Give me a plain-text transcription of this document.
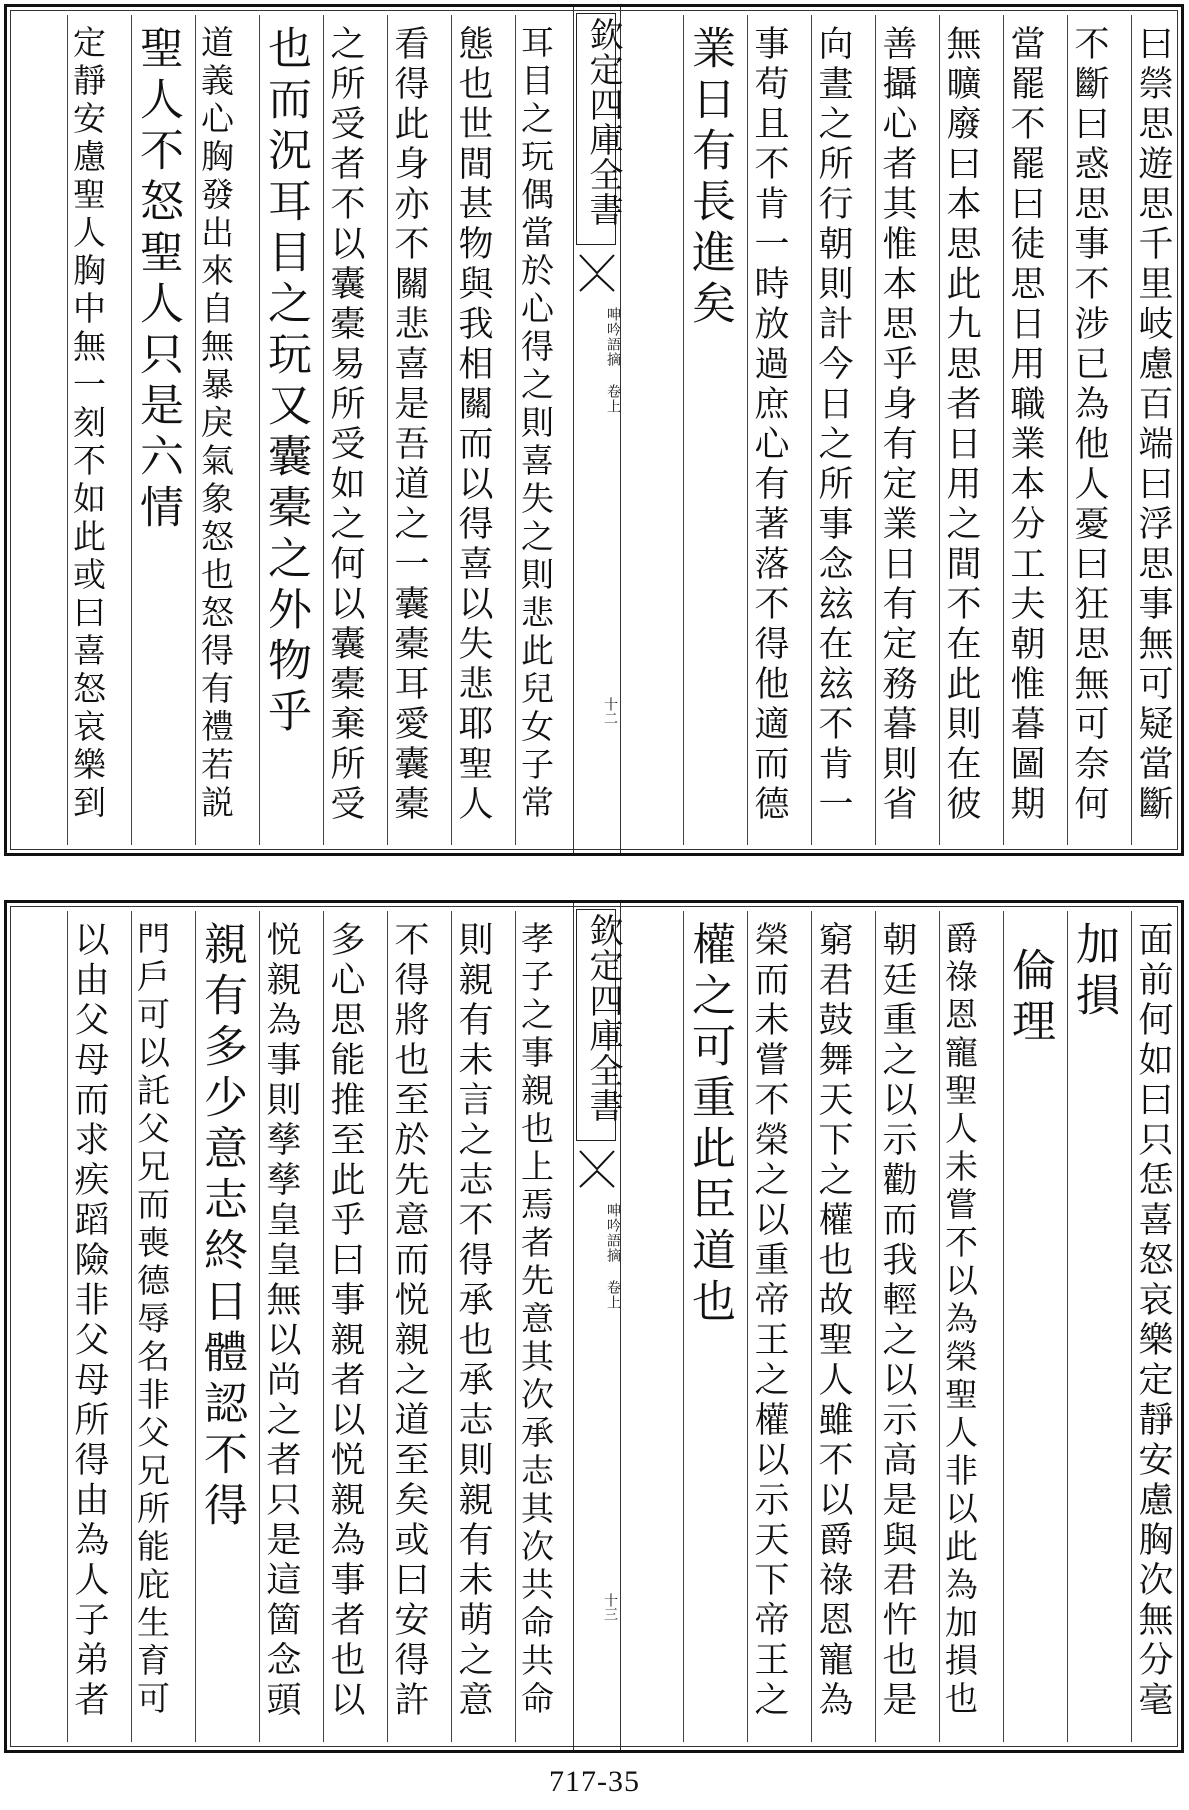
曰禜思遊思千里岐慮百端曰浮思事無可疑當斷
不斷曰惑思事不涉已為他人憂曰狂思無可奈何
當罷不罷曰徒思日用職業本分工夫朝惟暮圖期
無曠廢曰本思此九思者日用之間不在此則在彼
善攝心者其惟本思乎身有定業日有定務暮則省
向晝之所行朝則計今日之所事念玆在玆不肯一
事苟且不肯一時放過庶心有著落不得他適而德
業日有長進矣
欽定四庫全書
呻吟語摘 卷上
十二
耳目之玩偶當於心得之則喜失之則悲此兒女子常
態也世間甚物與我相關而以得喜以失悲耶聖人
看得此身亦不關悲喜是吾道之一囊橐耳愛囊橐
之所受者不以囊橐易所受如之何以囊橐棄所受
也而況耳目之玩又囊橐之外物乎
道義心胸發出來自無暴戾氣象怒也怒得有禮若説
聖人不怒聖人只是六情
定靜安慮聖人胸中無一刻不如此或曰喜怒哀樂到
面前何如曰只恁喜怒哀樂定靜安慮胸次無分毫
加損
倫理
爵祿恩寵聖人未嘗不以為榮聖人非以此為加損也
朝廷重之以示勸而我輕之以示高是與君忤也是
窮君鼓舞天下之權也故聖人雖不以爵祿恩寵為
榮而未嘗不榮之以重帝王之權以示天下帝王之
權之可重此臣道也
欽定四庫全書
呻吟語摘 卷上
十三
孝子之事親也上焉者先意其次承志其次共命共命
則親有未言之志不得承也承志則親有未萌之意
不得將也至於先意而悦親之道至矣或曰安得許
多心思能推至此乎曰事親者以悦親為事者也以
悦親為事則孳孳皇皇無以尚之者只是這箇念頭
親有多少意志終日體認不得
門戶可以託父兄而喪德辱名非父兄所能庇生育可
以由父母而求疾蹈險非父母所得由為人子弟者
717-35
